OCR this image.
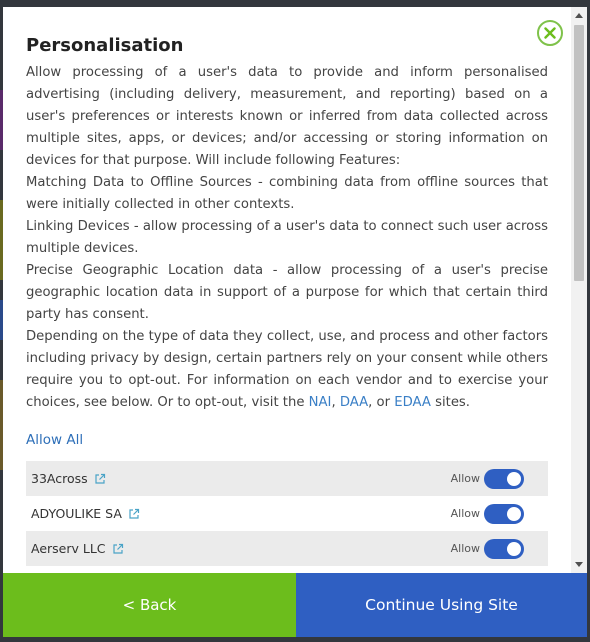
Personalisation

Allow processing of a user's data to provide and inform personalised advertising (including delivery, measurement, and reporting) based on a user's preferences or interests known or inferred from data collected across multiple sites, apps, or devices; and/or accessing or storing information on devices for that purpose. Will include following Features:

Matching Data to Offline Sources - combining data from offline sources that were initially collected in other contexts.

Linking Devices - allow processing of a user's data to connect such user across multiple devices.

Precise Geographic Location data - allow processing of a user's precise geographic location data in support of a purpose for which that certain third party has consent.

Depending on the type of data they collect, use, and process and other factors including privacy by design, certain partners rely on your consent while others require you to opt-out. For information on each vendor and to exercise your choices, see below. Or to opt-out, visit the NAI, DAA, or EDAA sites.

Allow All
33Across	Allow
ADYOULIKE SA	Allow
Aerserv LLC	Allow
< Back	Continue Using Site
